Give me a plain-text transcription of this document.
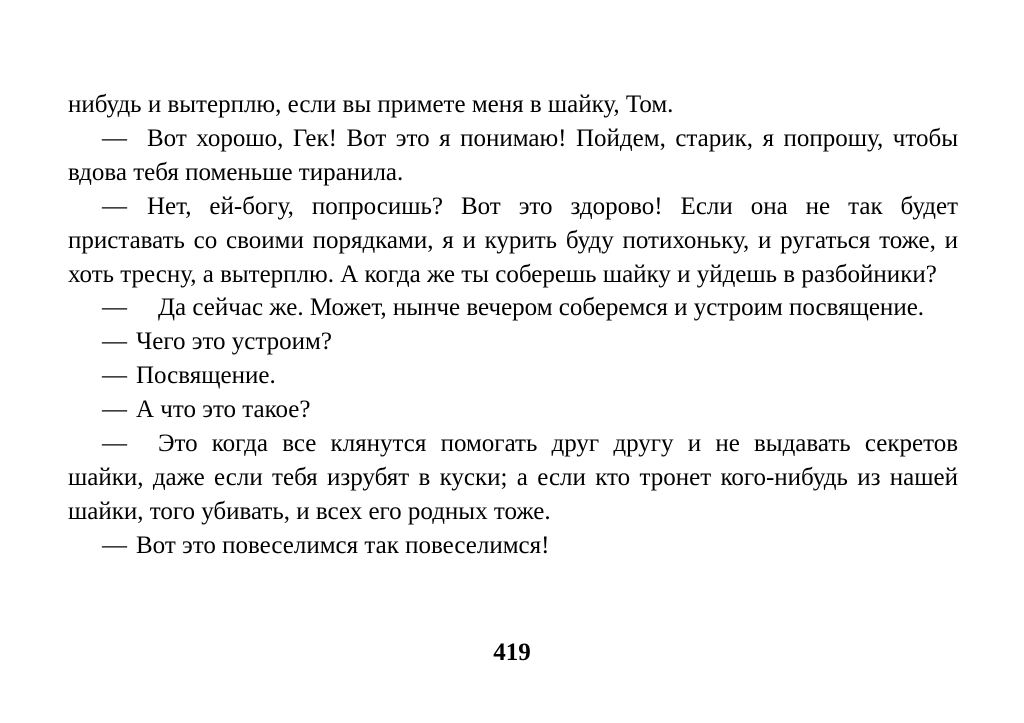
нибудь и вытерплю, если вы примете меня в шайку, Том.

— Вот хорошо, Гек! Вот это я понимаю! Пойдем, старик, я попрошу, чтобы вдова тебя поменьше тиранила.

— Нет, ей-богу, попросишь? Вот это здорово! Если она не так будет приставать со своими порядками, я и курить буду потихоньку, и ругаться тоже, и хоть тресну, а вытерплю. А когда же ты соберешь шайку и уйдешь в разбойники?

— Да сейчас же. Может, нынче вечером соберемся и устроим посвящение.

— Чего это устроим?

— Посвящение.

— А что это такое?

— Это когда все клянутся помогать друг другу и не выдавать секретов шайки, даже если тебя изрубят в куски; а если кто тронет кого-нибудь из нашей шайки, того убивать, и всех его родных тоже.

— Вот это повеселимся так повеселимся!

419
